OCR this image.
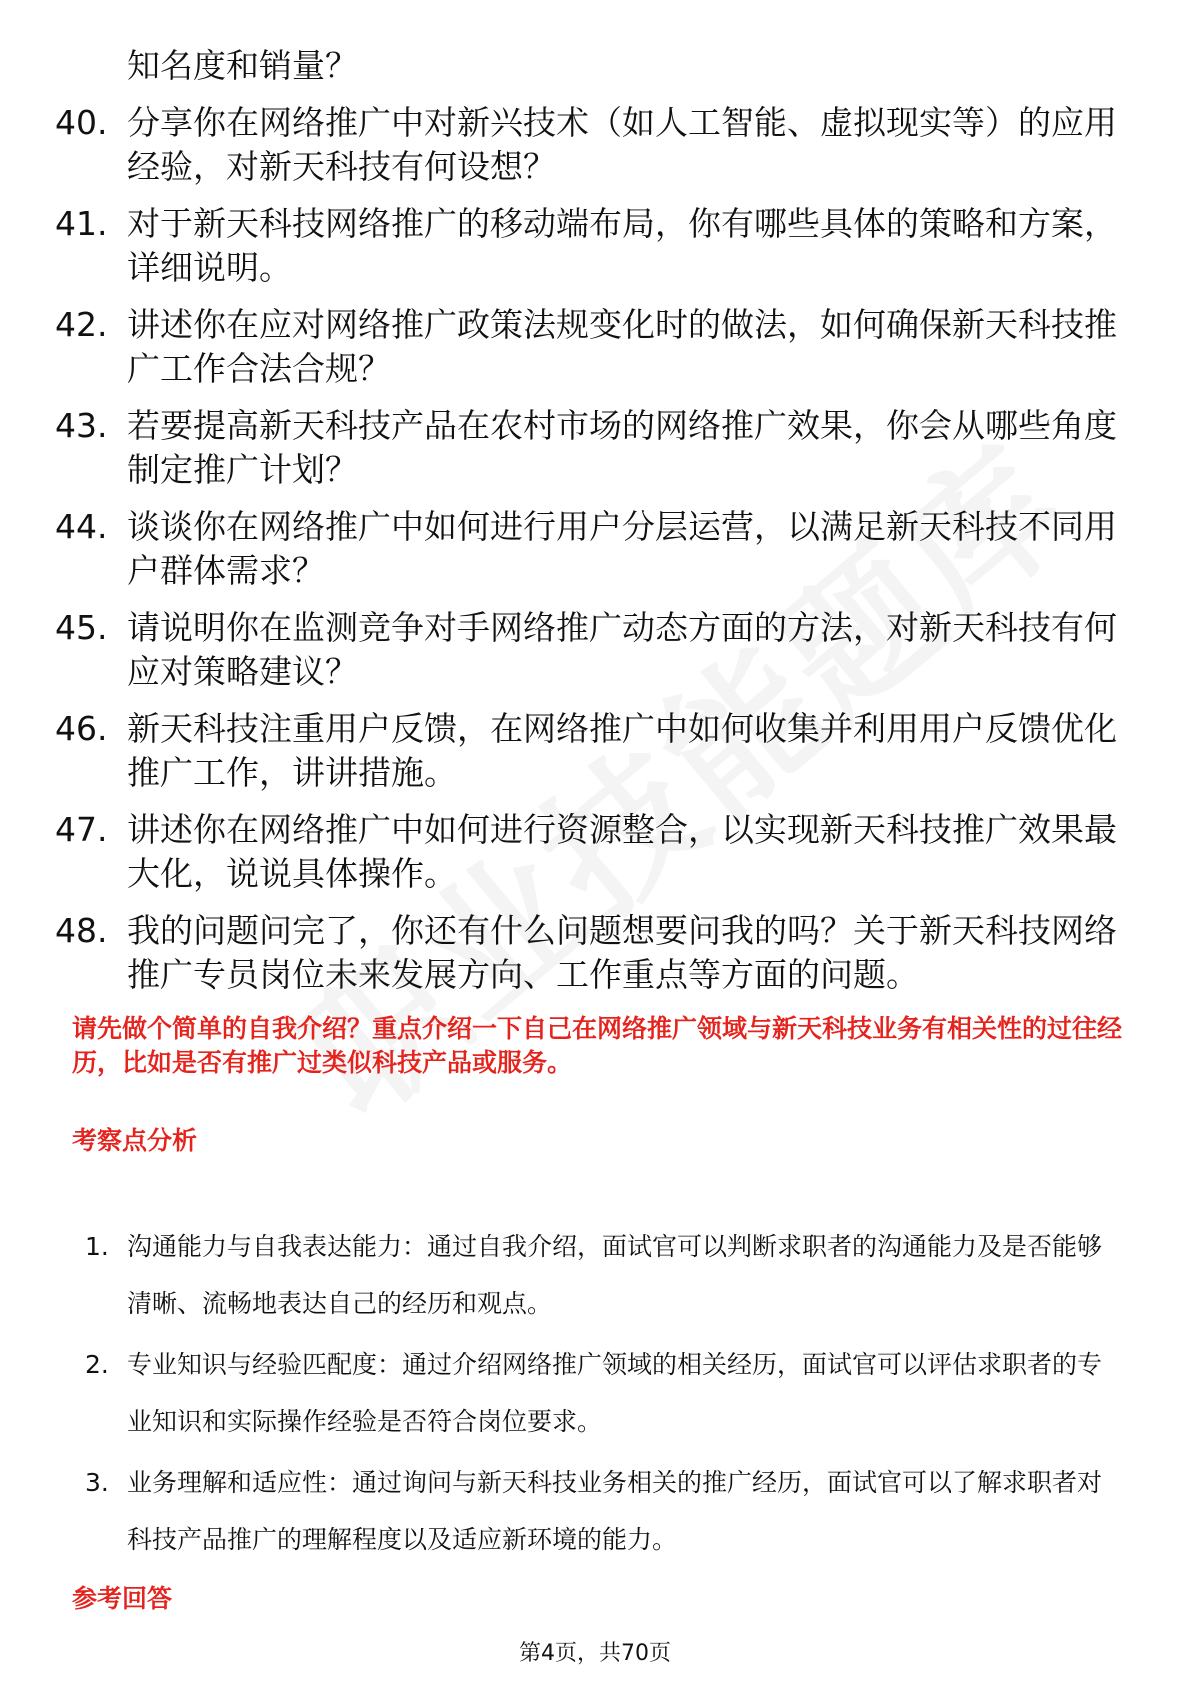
知名度和销量？
40. 分享你在网络推广中对新兴技术（如人工智能、虚拟现实等）的应用经验，对新天科技有何设想？
41. 对于新天科技网络推广的移动端布局，你有哪些具体的策略和方案，详细说明。
42. 讲述你在应对网络推广政策法规变化时的做法，如何确保新天科技推广工作合法合规？
43. 若要提高新天科技产品在农村市场的网络推广效果，你会从哪些角度制定推广计划？
44. 谈谈你在网络推广中如何进行用户分层运营，以满足新天科技不同用户群体需求？
45. 请说明你在监测竞争对手网络推广动态方面的方法，对新天科技有何应对策略建议？
46. 新天科技注重用户反馈，在网络推广中如何收集并利用用户反馈优化推广工作，讲讲措施。
47. 讲述你在网络推广中如何进行资源整合，以实现新天科技推广效果最大化，说说具体操作。
48. 我的问题问完了，你还有什么问题想要问我的吗？关于新天科技网络推广专员岗位未来发展方向、工作重点等方面的问题。
请先做个简单的自我介绍？重点介绍一下自己在网络推广领域与新天科技业务有相关性的过往经历，比如是否有推广过类似科技产品或服务。
考察点分析
1. 沟通能力与自我表达能力：通过自我介绍，面试官可以判断求职者的沟通能力及是否能够清晰、流畅地表达自己的经历和观点。
2. 专业知识与经验匹配度：通过介绍网络推广领域的相关经历，面试官可以评估求职者的专业知识和实际操作经验是否符合岗位要求。
3. 业务理解和适应性：通过询问与新天科技业务相关的推广经历，面试官可以了解求职者对科技产品推广的理解程度以及适应新环境的能力。
参考回答
第4页，共70页
